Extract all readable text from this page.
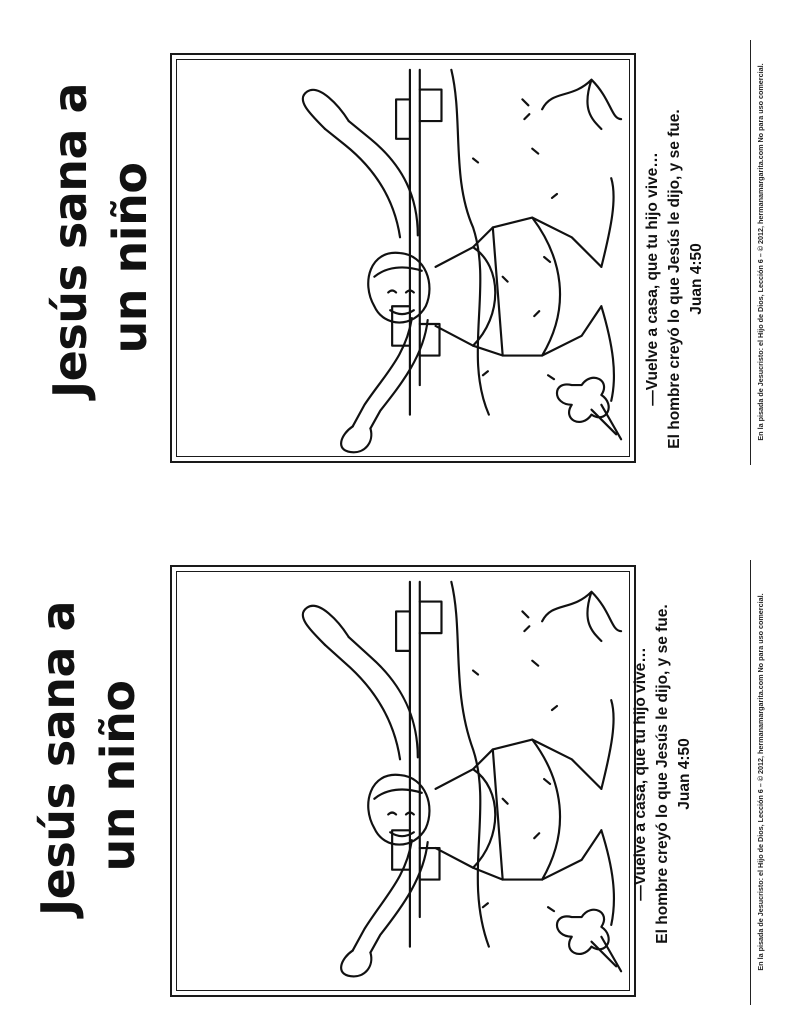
Jesús sana a un niño	—Vuelve a casa, que tu hijo vive… El hombre creyó lo que Jesús le dijo, y se fue. Juan 4:50	En la pisada de Jesucristo: el Hijo de Dios, Lección 6 – © 2012, hermanamargarita.com No para uso comercial.
Jesús sana a un niño	—Vuelve a casa, que tu hijo vive… El hombre creyó lo que Jesús le dijo, y se fue. Juan 4:50	En la pisada de Jesucristo: el Hijo de Dios, Lección 6 – © 2012, hermanamargarita.com No para uso comercial.
